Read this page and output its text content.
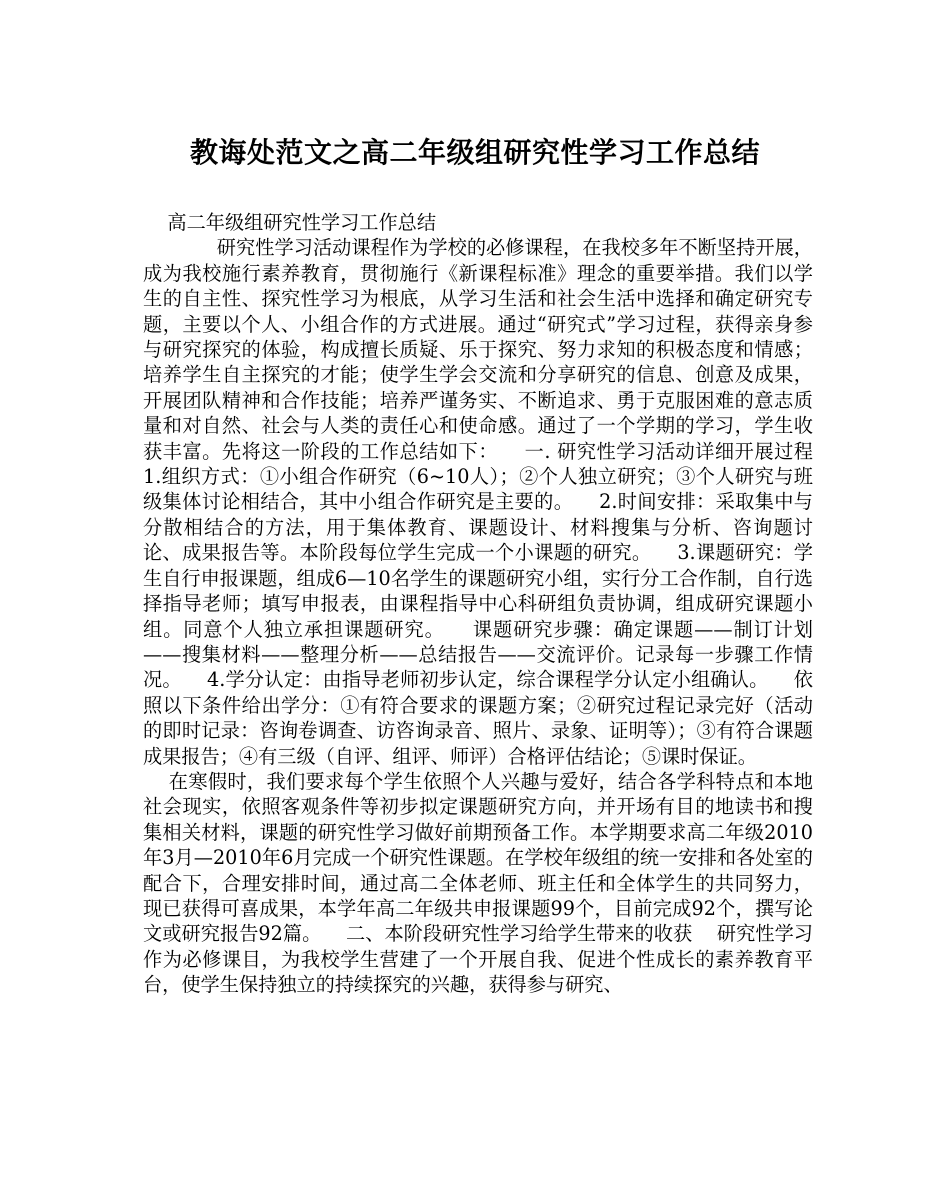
教诲处范文之高二年级组研究性学习工作总结

高二年级组研究性学习工作总结
研究性学习活动课程作为学校的必修课程，在我校多年不断坚持开展，成为我校施行素养教育，贯彻施行《新课程标准》理念的重要举措。我们以学生的自主性、探究性学习为根底，从学习生活和社会生活中选择和确定研究专题，主要以个人、小组合作的方式进展。通过“研究式”学习过程，获得亲身参与研究探究的体验，构成擅长质疑、乐于探究、努力求知的积极态度和情感；培养学生自主探究的才能；使学生学会交流和分享研究的信息、创意及成果，开展团队精神和合作技能；培养严谨务实、不断追求、勇于克服困难的意志质量和对自然、社会与人类的责任心和使命感。通过了一个学期的学习，学生收获丰富。先将这一阶段的工作总结如下：    一. 研究性学习活动详细开展过程    1.组织方式：①小组合作研究（6~10人）；②个人独立研究；③个人研究与班级集体讨论相结合，其中小组合作研究是主要的。    2.时间安排：采取集中与分散相结合的方法，用于集体教育、课题设计、材料搜集与分析、咨询题讨论、成果报告等。本阶段每位学生完成一个小课题的研究。    3.课题研究：学生自行申报课题，组成6—10名学生的课题研究小组，实行分工合作制，自行选择指导老师；填写申报表，由课程指导中心科研组负责协调，组成研究课题小组。同意个人独立承担课题研究。    课题研究步骤：确定课题——制订计划——搜集材料——整理分析——总结报告——交流评价。记录每一步骤工作情况。    4.学分认定：由指导老师初步认定，综合课程学分认定小组确认。    依照以下条件给出学分：①有符合要求的课题方案；②研究过程记录完好（活动的即时记录：咨询卷调查、访咨询录音、照片、录象、证明等）；③有符合课题成果报告；④有三级（自评、组评、师评）合格评估结论；⑤课时保证。
在寒假时，我们要求每个学生依照个人兴趣与爱好，结合各学科特点和本地社会现实，依照客观条件等初步拟定课题研究方向，并开场有目的地读书和搜集相关材料，课题的研究性学习做好前期预备工作。本学期要求高二年级2010年3月—2010年6月完成一个研究性课题。在学校年级组的统一安排和各处室的配合下，合理安排时间，通过高二全体老师、班主任和全体学生的共同努力，现已获得可喜成果，本学年高二年级共申报课题99个，目前完成92个，撰写论文或研究报告92篇。    二、本阶段研究性学习给学生带来的收获    研究性学习作为必修课目，为我校学生营建了一个开展自我、促进个性成长的素养教育平台，使学生保持独立的持续探究的兴趣，获得参与研究、
